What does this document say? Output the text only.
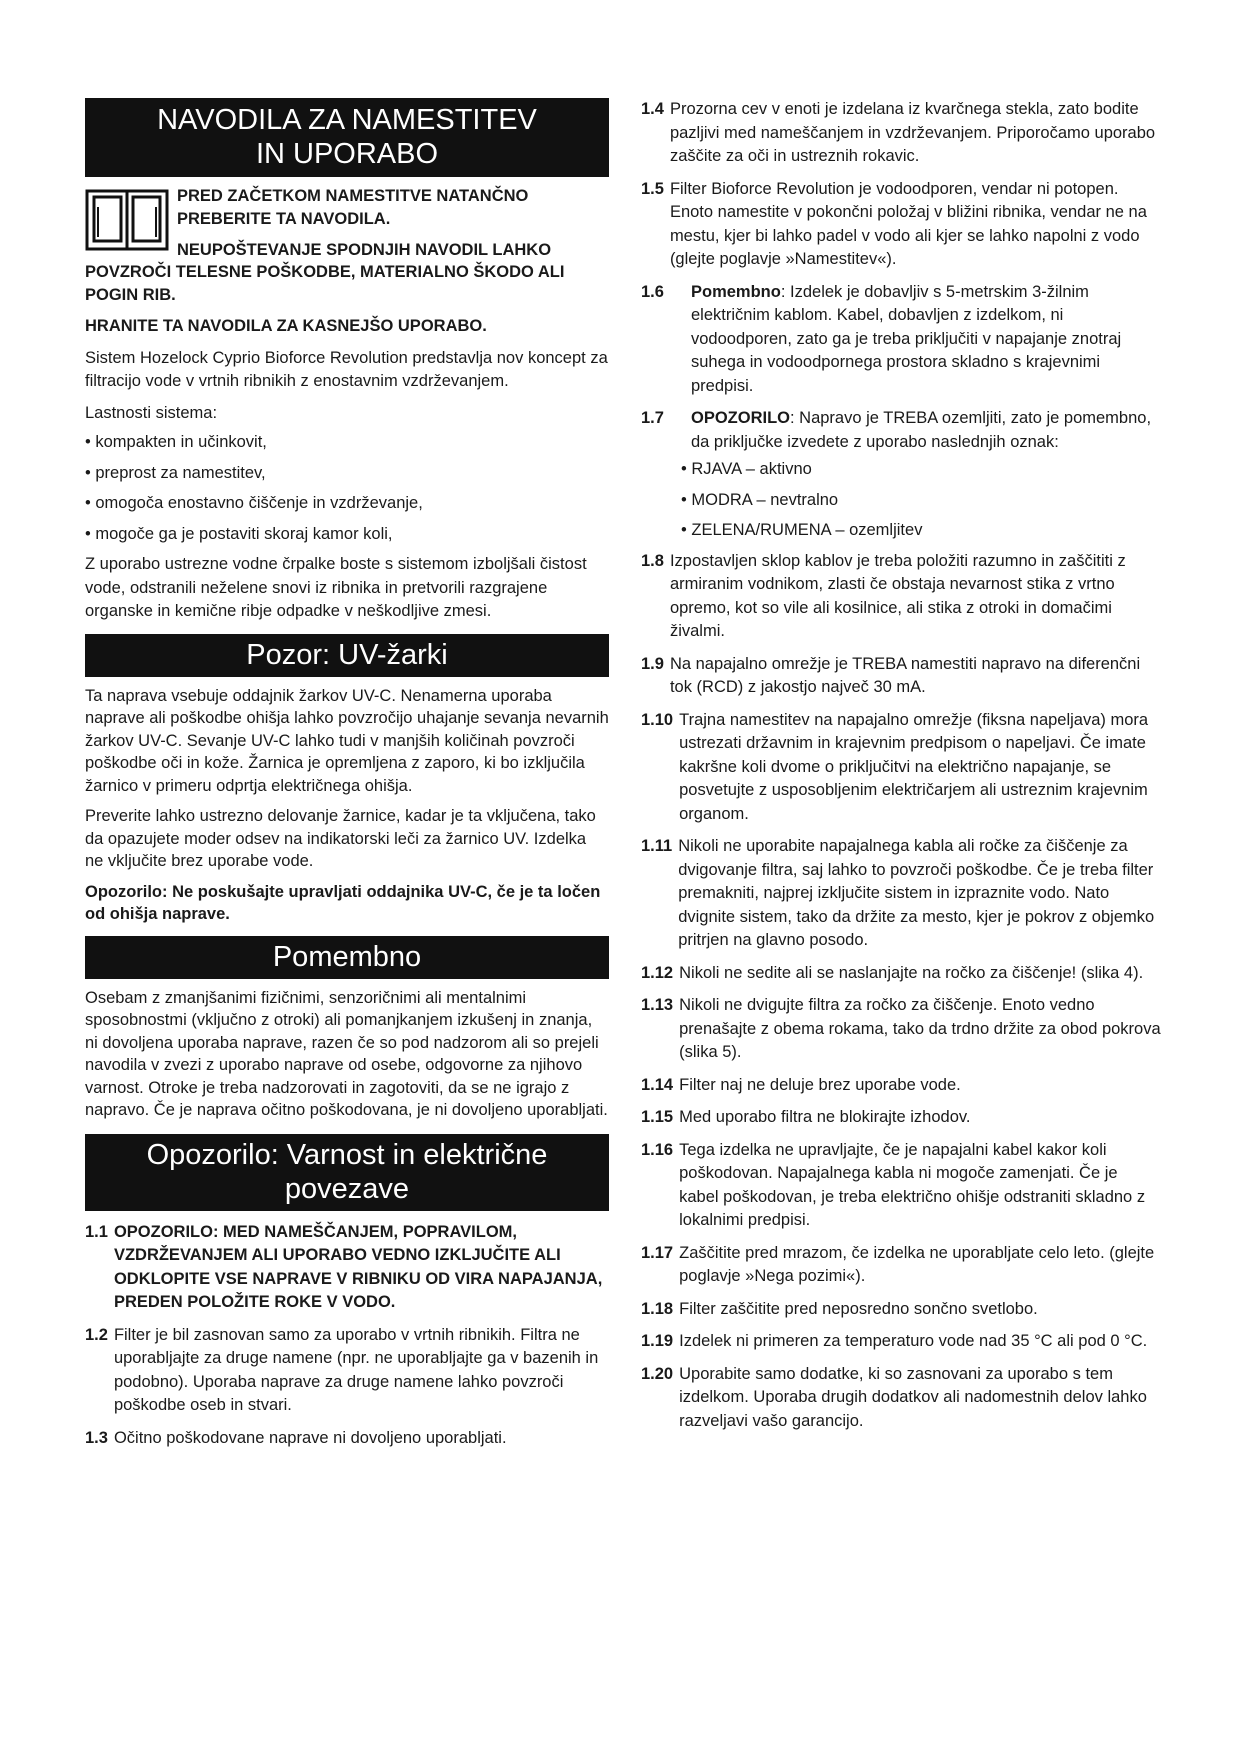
NAVODILA ZA NAMESTITEV
IN UPORABO
PRED ZAČETKOM NAMESTITVE NATANČNO PREBERITE TA NAVODILA.
NEUPOŠTEVANJE SPODNJIH NAVODIL LAHKO
POVZROČI TELESNE POŠKODBE, MATERIALNO ŠKODO ALI POGIN RIB.

HRANITE TA NAVODILA ZA KASNEJŠO UPORABO.

Sistem Hozelock Cyprio Bioforce Revolution predstavlja nov koncept za filtracijo vode v vrtnih ribnikih z enostavnim vzdrževanjem.

Lastnosti sistema:

• kompakten in učinkovit,
• preprost za namestitev,
• omogoča enostavno čiščenje in vzdrževanje,
• mogoče ga je postaviti skoraj kamor koli,

Z uporabo ustrezne vodne črpalke boste s sistemom izboljšali čistost vode, odstranili neželene snovi iz ribnika in pretvorili razgrajene organske in kemične ribje odpadke v neškodljive zmesi.

Pozor: UV-žarki

Ta naprava vsebuje oddajnik žarkov UV-C. Nenamerna uporaba naprave ali poškodbe ohišja lahko povzročijo uhajanje sevanja nevarnih žarkov UV-C. Sevanje UV-C lahko tudi v manjših količinah povzroči poškodbe oči in kože. Žarnica je opremljena z zaporo, ki bo izključila žarnico v primeru odprtja električnega ohišja.

Preverite lahko ustrezno delovanje žarnice, kadar je ta vključena, tako da opazujete moder odsev na indikatorski leči za žarnico UV. Izdelka ne vključite brez uporabe vode.

Opozorilo: Ne poskušajte upravljati oddajnika UV-C, če je ta ločen od ohišja naprave.

Pomembno

Osebam z zmanjšanimi fizičnimi, senzoričnimi ali mentalnimi sposobnostmi (vključno z otroki) ali pomanjkanjem izkušenj in znanja, ni dovoljena uporaba naprave, razen če so pod nadzorom ali so prejeli navodila v zvezi z uporabo naprave od osebe, odgovorne za njihovo varnost. Otroke je treba nadzorovati in zagotoviti, da se ne igrajo z napravo. Če je naprava očitno poškodovana, je ni dovoljeno uporabljati.

Opozorilo: Varnost in električne
povezave
1.1 OPOZORILO: MED NAMEŠČANJEM, POPRAVILOM, VZDRŽEVANJEM ALI UPORABO VEDNO IZKLJUČITE ALI ODKLOPITE VSE NAPRAVE V RIBNIKU OD VIRA NAPAJANJA, PREDEN POLOŽITE ROKE V VODO.
1.2 Filter je bil zasnovan samo za uporabo v vrtnih ribnikih. Filtra ne uporabljajte za druge namene (npr. ne uporabljajte ga v bazenih in podobno). Uporaba naprave za druge namene lahko povzroči poškodbe oseb in stvari.
1.3 Očitno poškodovane naprave ni dovoljeno uporabljati.
1.4 Prozorna cev v enoti je izdelana iz kvarčnega stekla, zato bodite pazljivi med nameščanjem in vzdrževanjem. Priporočamo uporabo zaščite za oči in ustreznih rokavic.
1.5 Filter Bioforce Revolution je vodoodporen, vendar ni potopen. Enoto namestite v pokončni položaj v bližini ribnika, vendar ne na mestu, kjer bi lahko padel v vodo ali kjer se lahko napolni z vodo (glejte poglavje »Namestitev«).
1.6	Pomembno: Izdelek je dobavljiv s 5-metrskim 3-žilnim električnim kablom. Kabel, dobavljen z izdelkom, ni vodoodporen, zato ga je treba priključiti v napajanje znotraj suhega in vodoodpornega prostora skladno s krajevnimi predpisi.
1.7	OPOZORILO: Napravo je TREBA ozemljiti, zato je pomembno, da priključke izvedete z uporabo naslednjih oznak:
• RJAVA – aktivno
• MODRA – nevtralno
• ZELENA/RUMENA – ozemljitev
1.8 Izpostavljen sklop kablov je treba položiti razumno in zaščititi z armiranim vodnikom, zlasti če obstaja nevarnost stika z vrtno opremo, kot so vile ali kosilnice, ali stika z otroki in domačimi živalmi.
1.9 Na napajalno omrežje je TREBA namestiti napravo na diferenčni tok (RCD) z jakostjo največ 30 mA.
1.10 Trajna namestitev na napajalno omrežje (fiksna napeljava) mora ustrezati državnim in krajevnim predpisom o napeljavi. Če imate kakršne koli dvome o priključitvi na električno napajanje, se posvetujte z usposobljenim električarjem ali ustreznim krajevnim organom.
1.11 Nikoli ne uporabite napajalnega kabla ali ročke za čiščenje za dvigovanje filtra, saj lahko to povzroči poškodbe. Če je treba filter premakniti, najprej izključite sistem in izpraznite vodo. Nato dvignite sistem, tako da držite za mesto, kjer je pokrov z objemko pritrjen na glavno posodo.
1.12 Nikoli ne sedite ali se naslanjajte na ročko za čiščenje! (slika 4).
1.13 Nikoli ne dvigujte filtra za ročko za čiščenje. Enoto vedno prenašajte z obema rokama, tako da trdno držite za obod pokrova (slika 5).
1.14 Filter naj ne deluje brez uporabe vode.
1.15 Med uporabo filtra ne blokirajte izhodov.
1.16 Tega izdelka ne upravljajte, če je napajalni kabel kakor koli poškodovan. Napajalnega kabla ni mogoče zamenjati. Če je kabel poškodovan, je treba električno ohišje odstraniti skladno z lokalnimi predpisi.
1.17 Zaščitite pred mrazom, če izdelka ne uporabljate celo leto. (glejte poglavje »Nega pozimi«).
1.18 Filter zaščitite pred neposredno sončno svetlobo.
1.19 Izdelek ni primeren za temperaturo vode nad 35 °C ali pod 0 °C.
1.20 Uporabite samo dodatke, ki so zasnovani za uporabo s tem izdelkom. Uporaba drugih dodatkov ali nadomestnih delov lahko razveljavi vašo garancijo.
